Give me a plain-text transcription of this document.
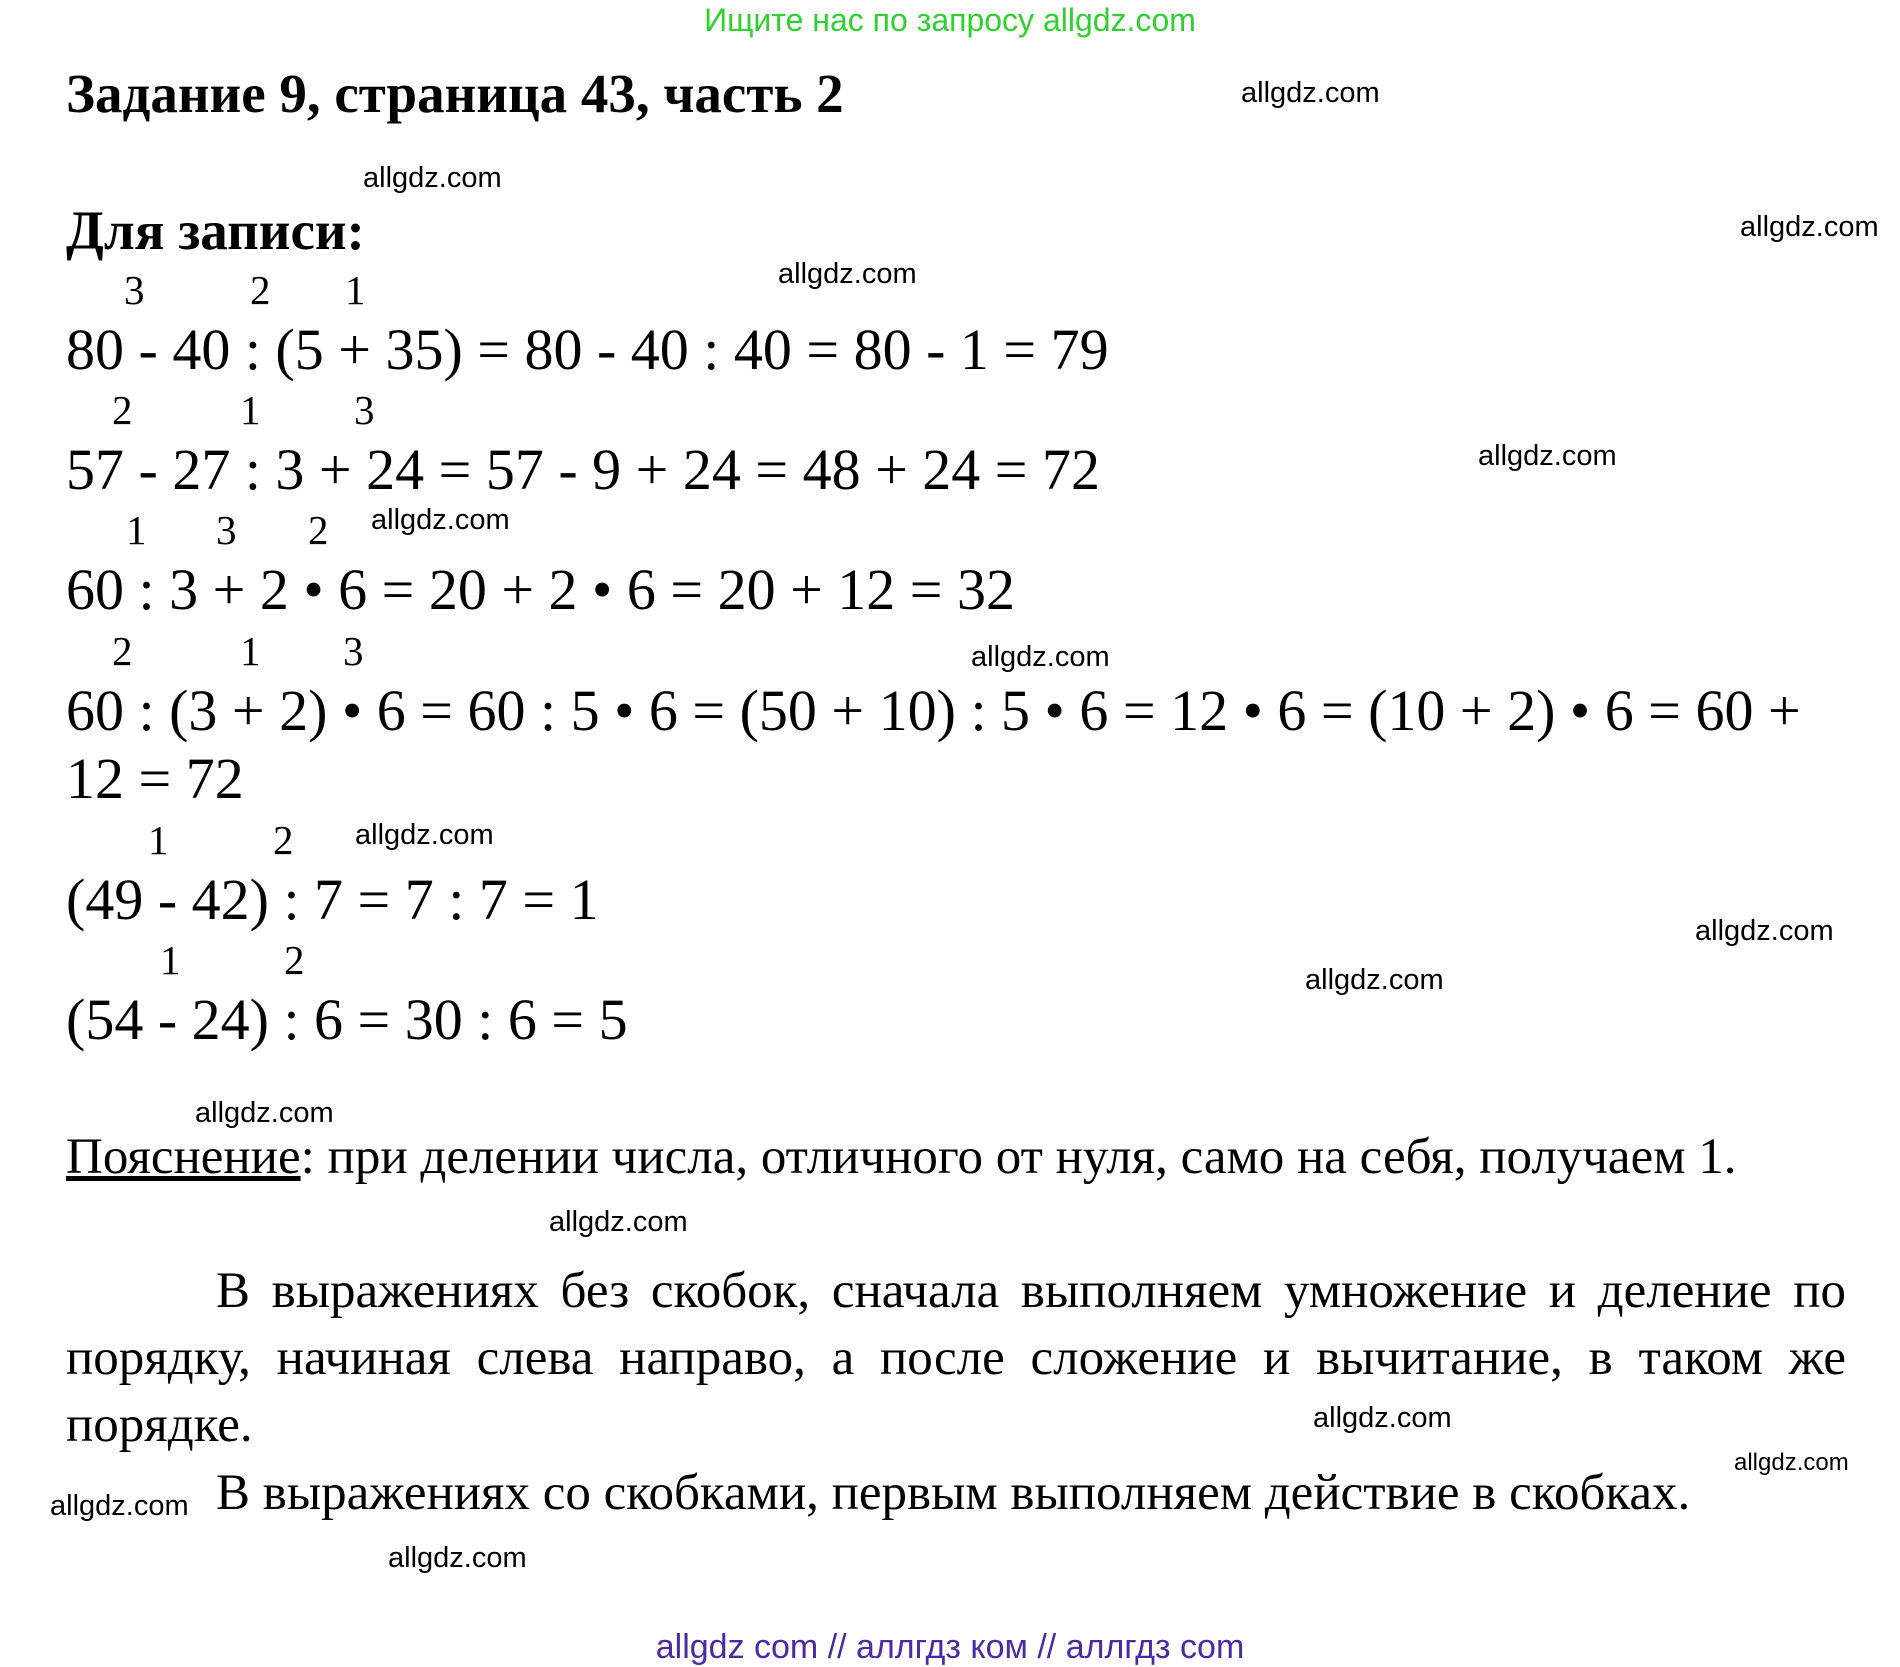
Ищите нас по запросу allgdz.com
Задание 9, страница 43, часть 2
Для записи:
3	2 1
80 - 40 : (5 + 35) = 80 - 40 : 40 = 80 - 1 = 79
2	1 3
57 - 27 : 3 + 24 = 57 - 9 + 24 = 48 + 24 = 72
1 3 2
60 : 3 + 2 • 6 = 20 + 2 • 6 = 20 + 12 = 32
2	1 3
60 : (3 + 2) • 6 = 60 : 5 • 6 = (50 + 10) : 5 • 6 = 12 • 6 = (10 + 2) • 6 = 60 +
12 = 72
1	2
(49 - 42) : 7 = 7 : 7 = 1
1	2
(54 - 24) : 6 = 30 : 6 = 5
Пояснение: при делении числа, отличного от нуля, само на себя, получаем 1.
В выражениях без скобок, сначала выполняем умножение и деление по порядку, начиная слева направо, а после сложение и вычитание, в таком же порядке.
В выражениях со скобками, первым выполняем действие в скобках.
allgdz.com
allgdz.com
allgdz.com
allgdz.com
allgdz.com
allgdz.com
allgdz.com
allgdz.com
allgdz.com
allgdz.com
allgdz.com
allgdz.com
allgdz.com
allgdz.com
allgdz.com
allgdz.com
allgdz com // аллгдз ком // аллгдз com
